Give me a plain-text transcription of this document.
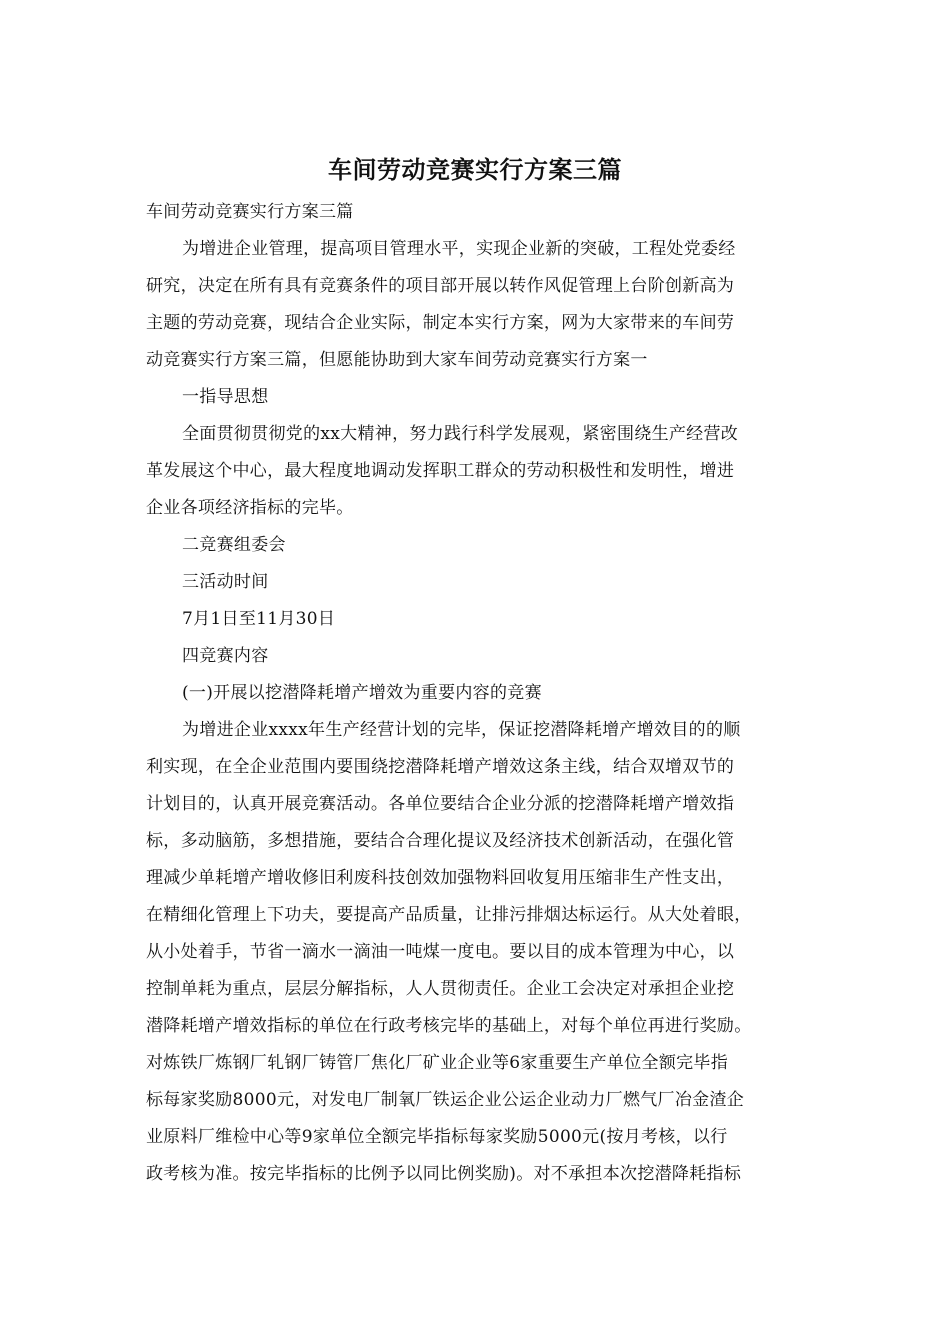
车间劳动竞赛实行方案三篇
车间劳动竞赛实行方案三篇
为增进企业管理，提高项目管理水平，实现企业新的突破，工程处党委经
研究，决定在所有具有竞赛条件的项目部开展以转作风促管理上台阶创新高为
主题的劳动竞赛，现结合企业实际，制定本实行方案，网为大家带来的车间劳
动竞赛实行方案三篇，但愿能协助到大家车间劳动竞赛实行方案一
一指导思想
全面贯彻贯彻党的xx大精神，努力践行科学发展观，紧密围绕生产经营改
革发展这个中心，最大程度地调动发挥职工群众的劳动积极性和发明性，增进
企业各项经济指标的完毕。
二竞赛组委会
三活动时间
7月1日至11月30日
四竞赛内容
(一)开展以挖潜降耗增产增效为重要内容的竞赛
为增进企业xxxx年生产经营计划的完毕，保证挖潜降耗增产增效目的的顺
利实现，在全企业范围内要围绕挖潜降耗增产增效这条主线，结合双增双节的
计划目的，认真开展竞赛活动。各单位要结合企业分派的挖潜降耗增产增效指
标，多动脑筋，多想措施，要结合合理化提议及经济技术创新活动，在强化管
理减少单耗增产增收修旧利废科技创效加强物料回收复用压缩非生产性支出，
在精细化管理上下功夫，要提高产品质量，让排污排烟达标运行。从大处着眼，
从小处着手，节省一滴水一滴油一吨煤一度电。要以目的成本管理为中心，以
控制单耗为重点，层层分解指标，人人贯彻责任。企业工会决定对承担企业挖
潜降耗增产增效指标的单位在行政考核完毕的基础上，对每个单位再进行奖励。
对炼铁厂炼钢厂轧钢厂铸管厂焦化厂矿业企业等6家重要生产单位全额完毕指
标每家奖励8000元，对发电厂制氧厂铁运企业公运企业动力厂燃气厂冶金渣企
业原料厂维检中心等9家单位全额完毕指标每家奖励5000元(按月考核，以行
政考核为准。按完毕指标的比例予以同比例奖励)。对不承担本次挖潜降耗指标
